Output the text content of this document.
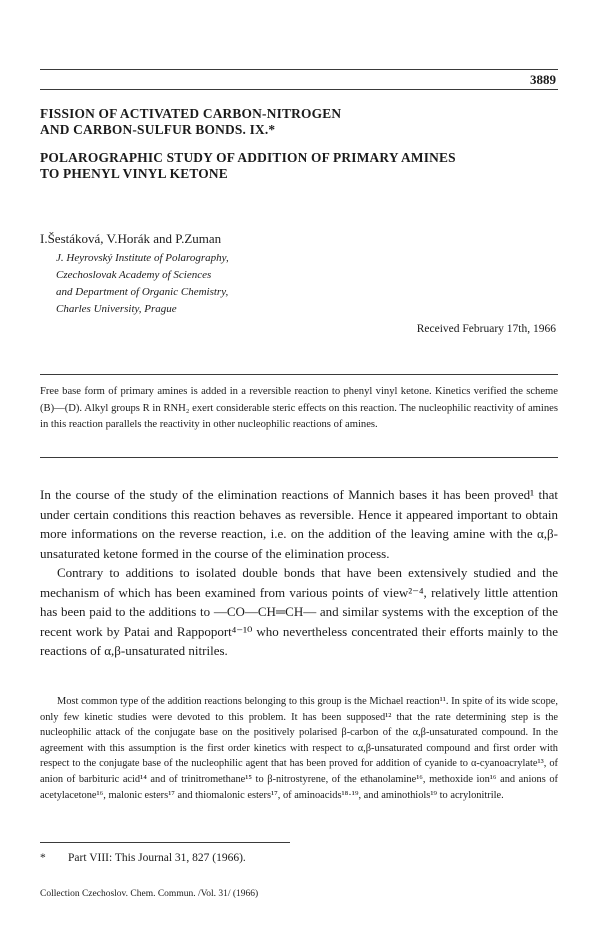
3889
FISSION OF ACTIVATED CARBON-NITROGEN
AND CARBON-SULFUR BONDS. IX.*
POLAROGRAPHIC STUDY OF ADDITION OF PRIMARY AMINES
TO PHENYL VINYL KETONE
I.Šestáková, V.Horák and P.Zuman
J. Heyrovský Institute of Polarography,
Czechoslovak Academy of Sciences
and Department of Organic Chemistry,
Charles University, Prague
Received February 17th, 1966
Free base form of primary amines is added in a reversible reaction to phenyl vinyl ketone. Kinetics verified the scheme (B)—(D). Alkyl groups R in RNH₂ exert considerable steric effects on this reaction. The nucleophilic reactivity of amines in this reaction parallels the reactivity in other nucleophilic reactions of amines.

In the course of the study of the elimination reactions of Mannich bases it has been proved¹ that under certain conditions this reaction behaves as reversible. Hence it appeared important to obtain more informations on the reverse reaction, i.e. on the addition of the leaving amine with the α,β-unsaturated ketone formed in the course of the elimination process.

Contrary to additions to isolated double bonds that have been extensively studied and the mechanism of which has been examined from various points of view²⁻⁴, relatively little attention has been paid to the additions to —CO—CH═CH— and similar systems with the exception of the recent work by Patai and Rappoport⁴⁻¹⁰ who nevertheless concentrated their efforts mainly to the reactions of α,β-unsaturated nitriles.

Most common type of the addition reactions belonging to this group is the Michael reaction¹¹. In spite of its wide scope, only few kinetic studies were devoted to this problem. It has been supposed¹² that the rate determining step is the nucleophilic attack of the conjugate base on the positively polarised β-carbon of the α,β-unsaturated compound. In the agreement with this assumption is the first order kinetics with respect to α,β-unsaturated compound and first order with respect to the conjugate base of the nucleophilic agent that has been proved for addition of cyanide to α-cyanoacrylate¹³, of anion of barbituric acid¹⁴ and of trinitromethane¹⁵ to β-nitrostyrene, of the ethanolamine¹⁶, methoxide ion¹⁶ and anions of acetylacetone¹⁶, malonic esters¹⁷ and thiomalonic esters¹⁷, of aminoacids¹⁸·¹⁹, and aminothiols¹⁹ to acrylonitrile.

* Part VIII: This Journal 31, 827 (1966).
Collection Czechoslov. Chem. Commun. /Vol. 31/ (1966)
